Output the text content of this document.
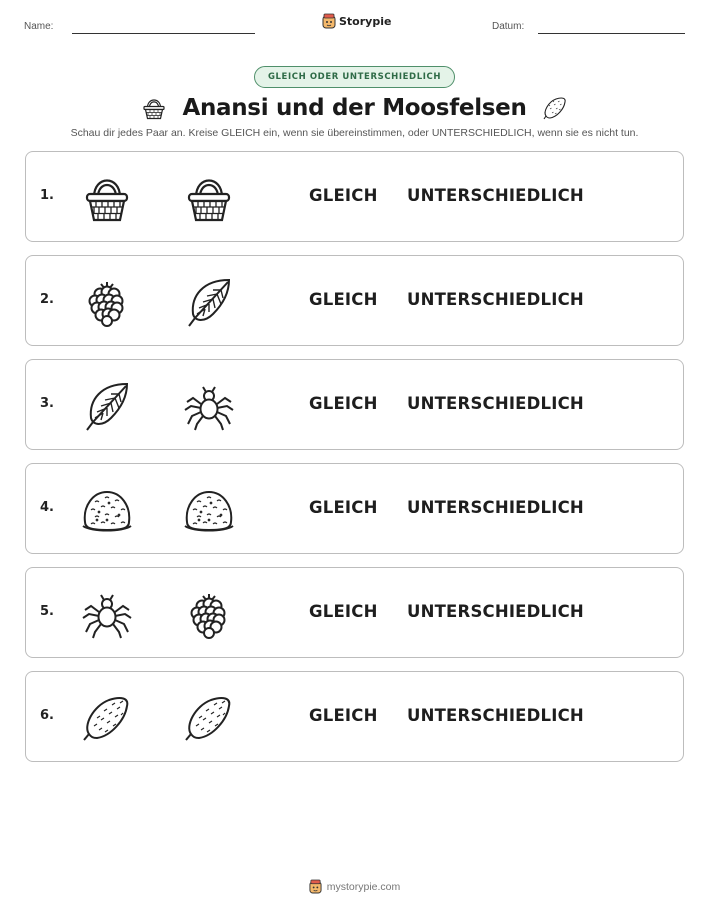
Name:	Storypie	Datum:
GLEICH ODER UNTERSCHIEDLICH
Anansi und der Moosfelsen
Schau dir jedes Paar an. Kreise GLEICH ein, wenn sie übereinstimmen, oder UNTERSCHIEDLICH, wenn sie es nicht tun.
1.	GLEICH UNTERSCHIEDLICH
2.	GLEICH UNTERSCHIEDLICH
3.	GLEICH UNTERSCHIEDLICH
4.	GLEICH UNTERSCHIEDLICH
5.	GLEICH UNTERSCHIEDLICH
6.	GLEICH UNTERSCHIEDLICH
mystorypie.com
